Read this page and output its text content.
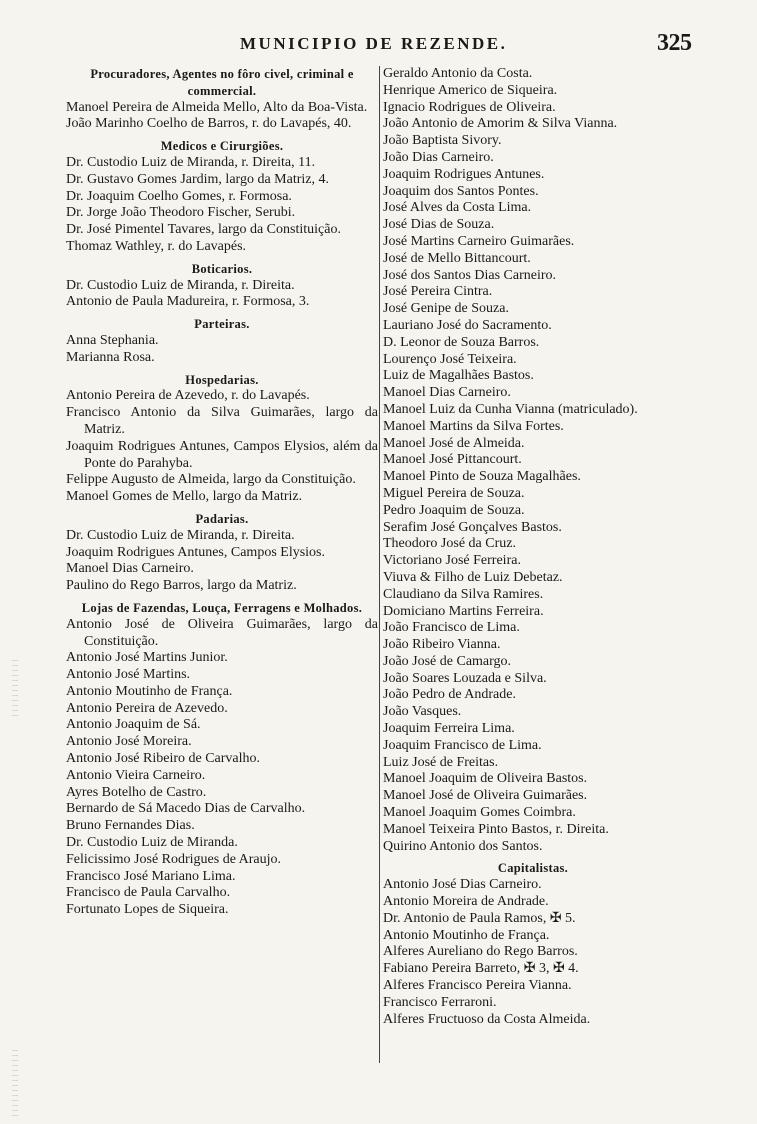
MUNICIPIO DE REZENDE.	325
Procuradores, Agentes no fôro civel, criminal e commercial.
Manoel Pereira de Almeida Mello, Alto da Boa-Vista.
João Marinho Coelho de Barros, r. do Lavapés, 40.
Medicos e Cirurgiões.
Dr. Custodio Luiz de Miranda, r. Direita, 11.
Dr. Gustavo Gomes Jardim, largo da Matriz, 4.
Dr. Joaquim Coelho Gomes, r. Formosa.
Dr. Jorge João Theodoro Fischer, Serubi.
Dr. José Pimentel Tavares, largo da Constituição.
Thomaz Wathley, r. do Lavapés.
Boticarios.
Dr. Custodio Luiz de Miranda, r. Direita.
Antonio de Paula Madureira, r. Formosa, 3.
Parteiras.
Anna Stephania.
Marianna Rosa.
Hospedarias.
Antonio Pereira de Azevedo, r. do Lavapés.
Francisco Antonio da Silva Guimarães, largo da Matriz.
Joaquim Rodrigues Antunes, Campos Elysios, além da Ponte do Parahyba.
Felippe Augusto de Almeida, largo da Constituição.
Manoel Gomes de Mello, largo da Matriz.
Padarias.
Dr. Custodio Luiz de Miranda, r. Direita.
Joaquim Rodrigues Antunes, Campos Elysios.
Manoel Dias Carneiro.
Paulino do Rego Barros, largo da Matriz.
Lojas de Fazendas, Louça, Ferragens e Molhados.
Antonio José de Oliveira Guimarães, largo da Constituição.
Antonio José Martins Junior.
Antonio José Martins.
Antonio Moutinho de França.
Antonio Pereira de Azevedo.
Antonio Joaquim de Sá.
Antonio José Moreira.
Antonio José Ribeiro de Carvalho.
Antonio Vieira Carneiro.
Ayres Botelho de Castro.
Bernardo de Sá Macedo Dias de Carvalho.
Bruno Fernandes Dias.
Dr. Custodio Luiz de Miranda.
Felicissimo José Rodrigues de Araujo.
Francisco José Mariano Lima.
Francisco de Paula Carvalho.
Fortunato Lopes de Siqueira.
Geraldo Antonio da Costa.
Henrique Americo de Siqueira.
Ignacio Rodrigues de Oliveira.
João Antonio de Amorim & Silva Vianna.
João Baptista Sivory.
João Dias Carneiro.
Joaquim Rodrigues Antunes.
Joaquim dos Santos Pontes.
José Alves da Costa Lima.
José Dias de Souza.
José Martins Carneiro Guimarães.
José de Mello Bittancourt.
José dos Santos Dias Carneiro.
José Pereira Cintra.
José Genipe de Souza.
Lauriano José do Sacramento.
D. Leonor de Souza Barros.
Lourenço José Teixeira.
Luiz de Magalhães Bastos.
Manoel Dias Carneiro.
Manoel Luiz da Cunha Vianna (matriculado).
Manoel Martins da Silva Fortes.
Manoel José de Almeida.
Manoel José Pittancourt.
Manoel Pinto de Souza Magalhães.
Miguel Pereira de Souza.
Pedro Joaquim de Souza.
Serafim José Gonçalves Bastos.
Theodoro José da Cruz.
Victoriano José Ferreira.
Viuva & Filho de Luiz Debetaz.
Claudiano da Silva Ramires.
Domiciano Martins Ferreira.
João Francisco de Lima.
João Ribeiro Vianna.
João José de Camargo.
João Soares Louzada e Silva.
João Pedro de Andrade.
João Vasques.
Joaquim Ferreira Lima.
Joaquim Francisco de Lima.
Luiz José de Freitas.
Manoel Joaquim de Oliveira Bastos.
Manoel José de Oliveira Guimarães.
Manoel Joaquim Gomes Coimbra.
Manoel Teixeira Pinto Bastos, r. Direita.
Quirino Antonio dos Santos.
Capitalistas.
Antonio José Dias Carneiro.
Antonio Moreira de Andrade.
Dr. Antonio de Paula Ramos, ✠ 5.
Antonio Moutinho de França.
Alferes Aureliano do Rego Barros.
Fabiano Pereira Barreto, ✠ 3, ✠ 4.
Alferes Francisco Pereira Vianna.
Francisco Ferraroni.
Alferes Fructuoso da Costa Almeida.
